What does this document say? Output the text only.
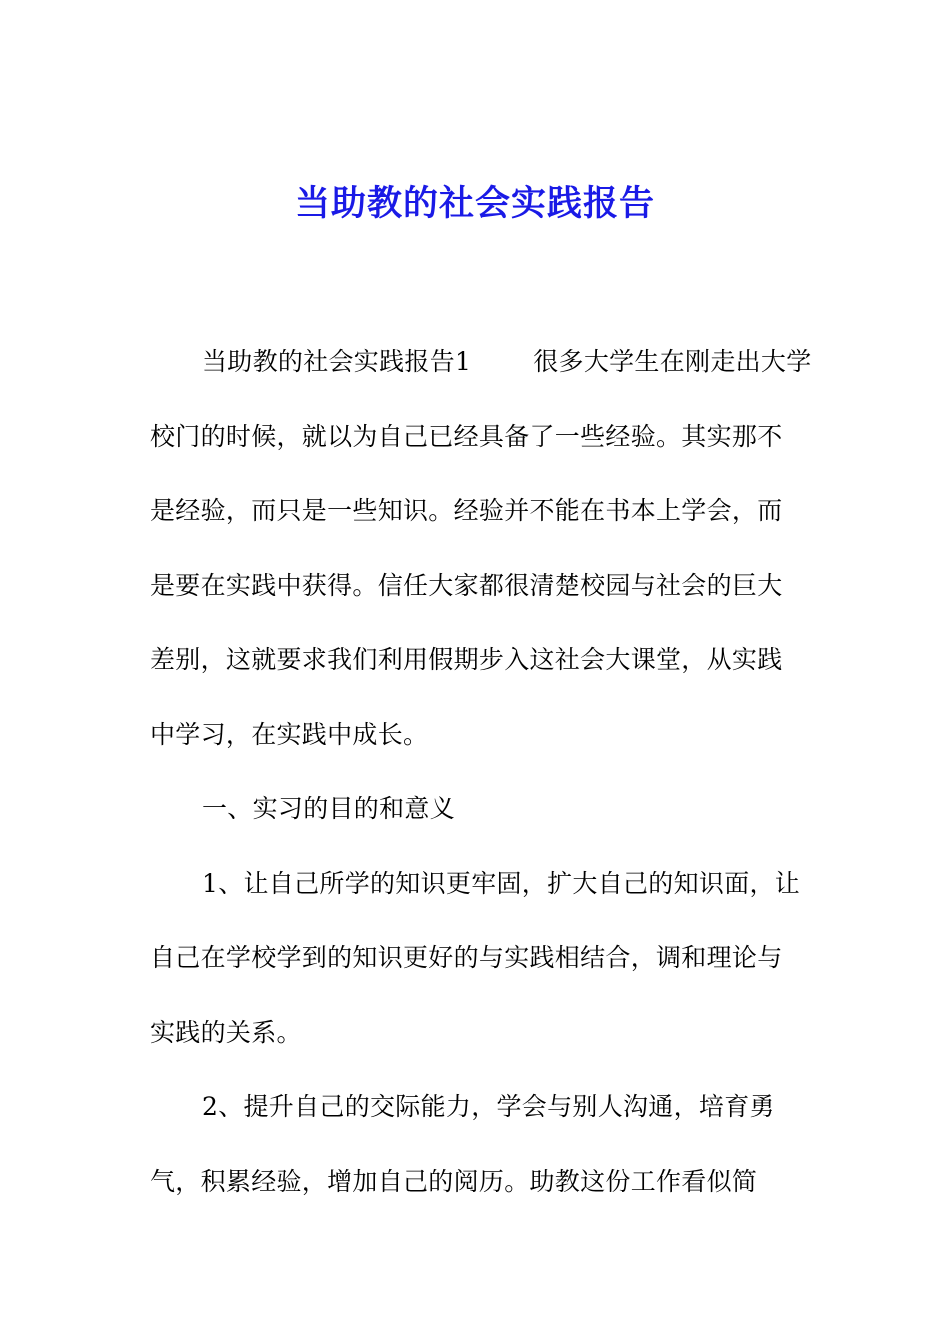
当助教的社会实践报告
当助教的社会实践报告1 很多大学生在刚走出大学
校门的时候，就以为自己已经具备了一些经验。其实那不
是经验，而只是一些知识。经验并不能在书本上学会，而
是要在实践中获得。信任大家都很清楚校园与社会的巨大
差别，这就要求我们利用假期步入这社会大课堂，从实践
中学习，在实践中成长。
一、实习的目的和意义
1、让自己所学的知识更牢固，扩大自己的知识面，让
自己在学校学到的知识更好的与实践相结合，调和理论与
实践的关系。
2、提升自己的交际能力，学会与别人沟通，培育勇
气，积累经验，增加自己的阅历。助教这份工作看似简
